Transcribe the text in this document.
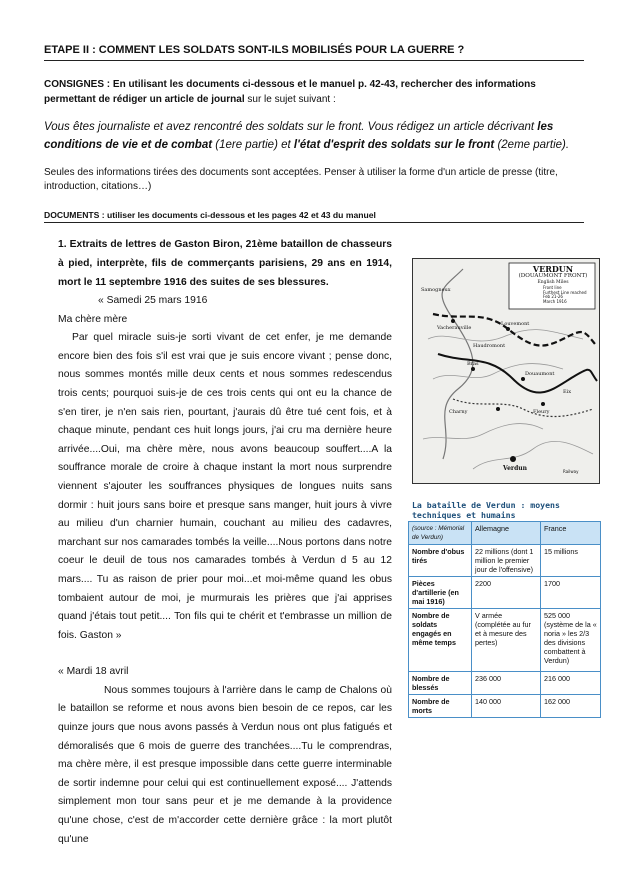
ETAPE II : COMMENT LES SOLDATS SONT-ILS MOBILISÉS POUR LA GUERRE ?
CONSIGNES : En utilisant les documents ci-dessous et le manuel p. 42-43, rechercher des informations permettant de rédiger un article de journal sur le sujet suivant :
Vous êtes journaliste et avez rencontré des soldats sur le front. Vous rédigez un article décrivant les conditions de vie et de combat (1ere partie) et l'état d'esprit des soldats sur le front (2eme partie).
Seules des informations tirées des documents sont acceptées. Penser à utiliser la forme d'un article de presse (titre, introduction, citations…)
DOCUMENTS : utiliser les documents ci-dessous et les pages 42 et 43 du manuel

1. Extraits de lettres de Gaston Biron, 21ème bataillon de chasseurs à pied, interprète, fils de commerçants parisiens, 29 ans en 1914, mort le 11 septembre 1916 des suites de ses blessures.

« Samedi 25 mars 1916

Ma chère mère

Par quel miracle suis-je sorti vivant de cet enfer, je me demande encore bien des fois s'il est vrai que je suis encore vivant ; pense donc, nous sommes montés mille deux cents et nous sommes redescendus trois cents; pourquoi suis-je de ces trois cents qui ont eu la chance de s'en tirer, je n'en sais rien, pourtant, j'aurais dû être tué cent fois, et à chaque minute, pendant ces huit longs jours, j'ai cru ma dernière heure arrivée....Oui, ma chère mère, nous avons beaucoup souffert....A la souffrance morale de croire à chaque instant la mort nous surprendre viennent s'ajouter les souffrances physiques de longues nuits sans dormir : huit jours sans boire et presque sans manger, huit jours à vivre au milieu d'un charnier humain, couchant au milieu des cadavres, marchant sur nos camarades tombés la veille....Nous portons dans notre coeur le deuil de tous nos camarades tombés à Verdun d 5 au 12 mars.... Tu as raison de prier pour moi...et moi-même quand les obus tombaient autour de moi, je murmurais les prières que j'ai apprises quand j'étais tout petit.... Ton fils qui te chérit et t'embrasse un million de fois. Gaston »

« Mardi 18 avril

Nous sommes toujours à l'arrière dans le camp de Chalons où le bataillon se reforme et nous avons bien besoin de ce repos, car les quinze jours que nous avons passés à Verdun nous ont plus fatigués et démoralisés que 6 mois de guerre des tranchées....Tu le comprendras, ma chère mère, il est presque impossible dans cette guerre interminable de sortir indemne pour celui qui est continuellement exposé.... J'attends simplement mon tour sans peur et je me demande à la providence qu'une chose, c'est de m'accorder cette dernière grâce : la mort plutôt qu'une

VERDUN
(DOUAUMONT FRONT)
English Miles
Front line
Furthest Line reached
Feb 21-26
March 1916
Samogneux
Vacherauville
Louvemont
Bras
Douaumont
Haudromont
Charny	Fleury
Eix
Verdun	Railway
La bataille de Verdun : moyens techniques et humains
(source : Mémorial de Verdun)	Allemagne	France
Nombre d'obus tirés	22 millions (dont 1 million le premier jour de l'offensive)	15 millions
Pièces d'artillerie (en mai 1916)	2200	1700
Nombre de soldats engagés en même temps	V armée (complétée au fur et à mesure des pertes)	525 000 (système de la « noria » les 2/3 des divisions combattent à Verdun)
Nombre de blessés	236 000	216 000
Nombre de morts	140 000	162 000
